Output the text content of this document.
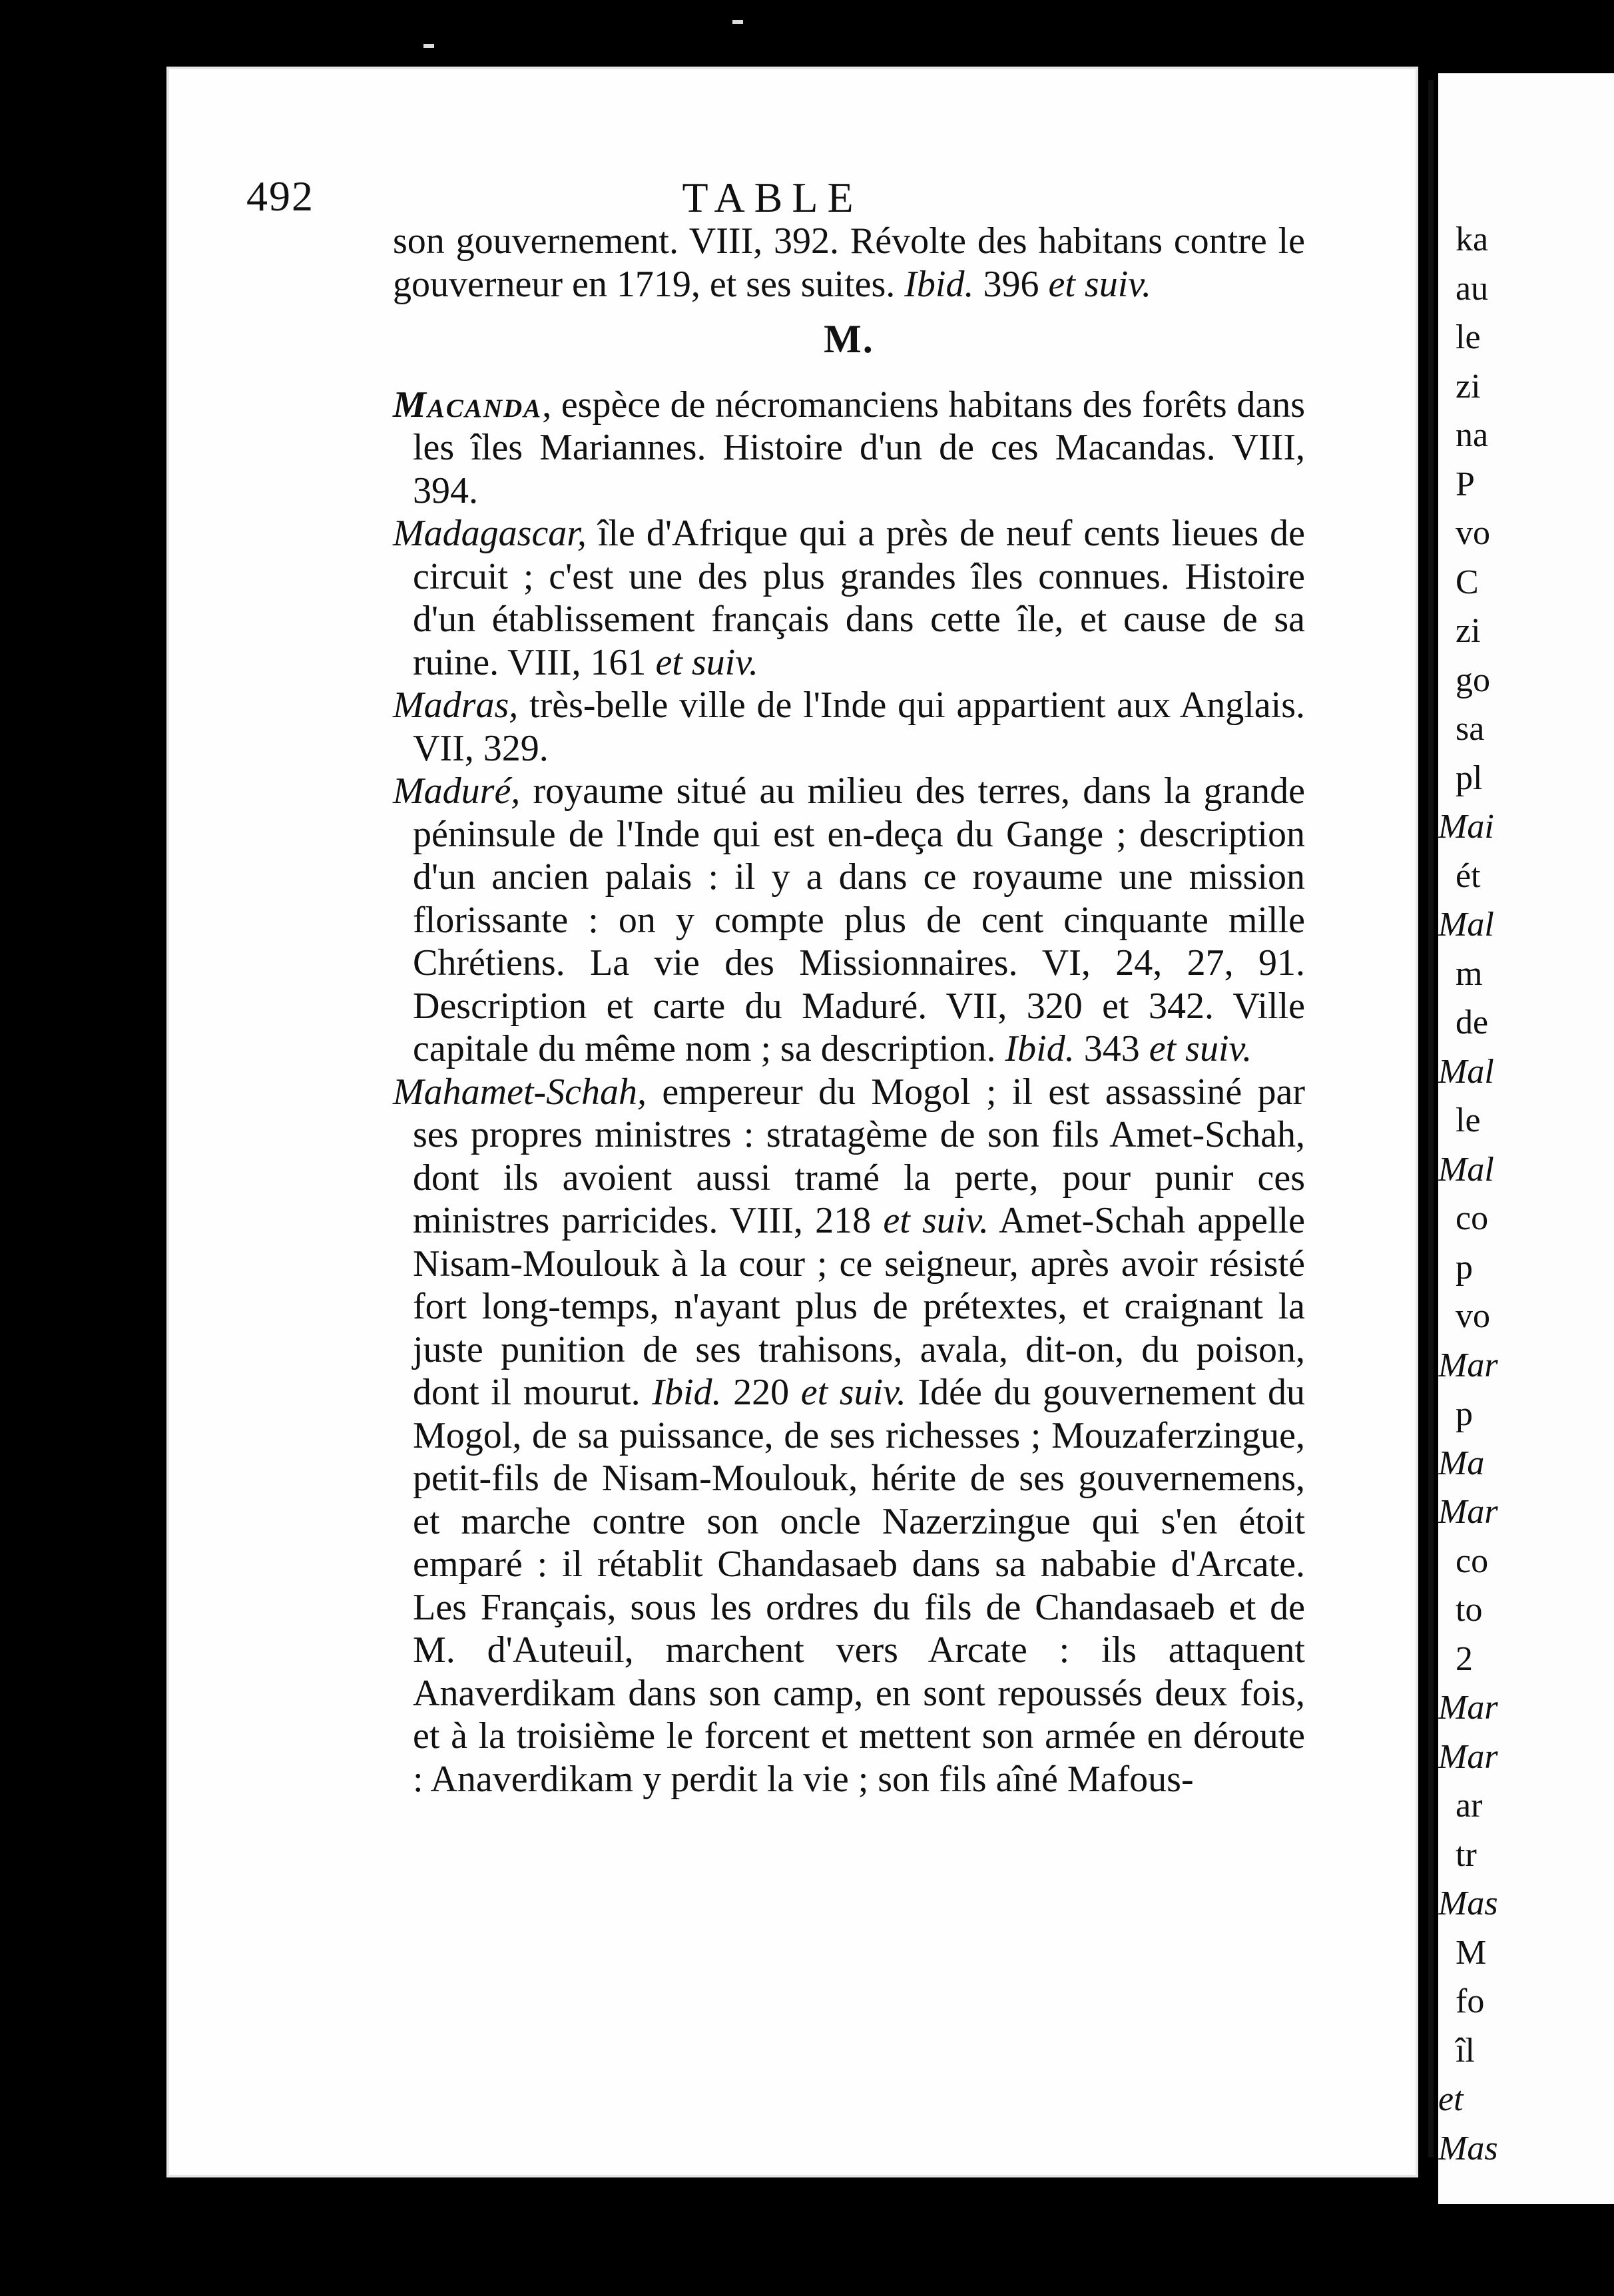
ka
au
le
zi
na
P
vo
C
zi
go
sa
pl
Mai
ét
Mal
m
de
Mal
le
Mal
co
p
vo
Mar
p
Ma
Mar
co
to
2
Mar
Mar
ar
tr
Mas
M
fo
îl
et
Mas
492	TABLE

son gouvernement. VIII, 392. Révolte des habitans contre le gouverneur en 1719, et ses suites. Ibid. 396 et suiv.

M.

Macanda, espèce de nécromanciens habitans des forêts dans les îles Mariannes. Histoire d'un de ces Macandas. VIII, 394.

Madagascar, île d'Afrique qui a près de neuf cents lieues de circuit ; c'est une des plus grandes îles connues. Histoire d'un établissement français dans cette île, et cause de sa ruine. VIII, 161 et suiv.

Madras, très-belle ville de l'Inde qui appartient aux Anglais. VII, 329.

Maduré, royaume situé au milieu des terres, dans la grande péninsule de l'Inde qui est en-deça du Gange ; description d'un ancien palais : il y a dans ce royaume une mission florissante : on y compte plus de cent cinquante mille Chrétiens. La vie des Missionnaires. VI, 24, 27, 91. Description et carte du Maduré. VII, 320 et 342. Ville capitale du même nom ; sa description. Ibid. 343 et suiv.

Mahamet-Schah, empereur du Mogol ; il est assassiné par ses propres ministres : stratagème de son fils Amet-Schah, dont ils avoient aussi tramé la perte, pour punir ces ministres parricides. VIII, 218 et suiv. Amet-Schah appelle Nisam-Moulouk à la cour ; ce seigneur, après avoir résisté fort long-temps, n'ayant plus de prétextes, et craignant la juste punition de ses trahisons, avala, dit-on, du poison, dont il mourut. Ibid. 220 et suiv. Idée du gouvernement du Mogol, de sa puissance, de ses richesses ; Mouzaferzingue, petit-fils de Nisam-Moulouk, hérite de ses gouvernemens, et marche contre son oncle Nazerzingue qui s'en étoit emparé : il rétablit Chandasaeb dans sa nababie d'Arcate. Les Français, sous les ordres du fils de Chandasaeb et de M. d'Auteuil, marchent vers Arcate : ils attaquent Anaverdikam dans son camp, en sont repoussés deux fois, et à la troisième le forcent et mettent son armée en déroute : Anaverdikam y perdit la vie ; son fils aîné Mafous-
